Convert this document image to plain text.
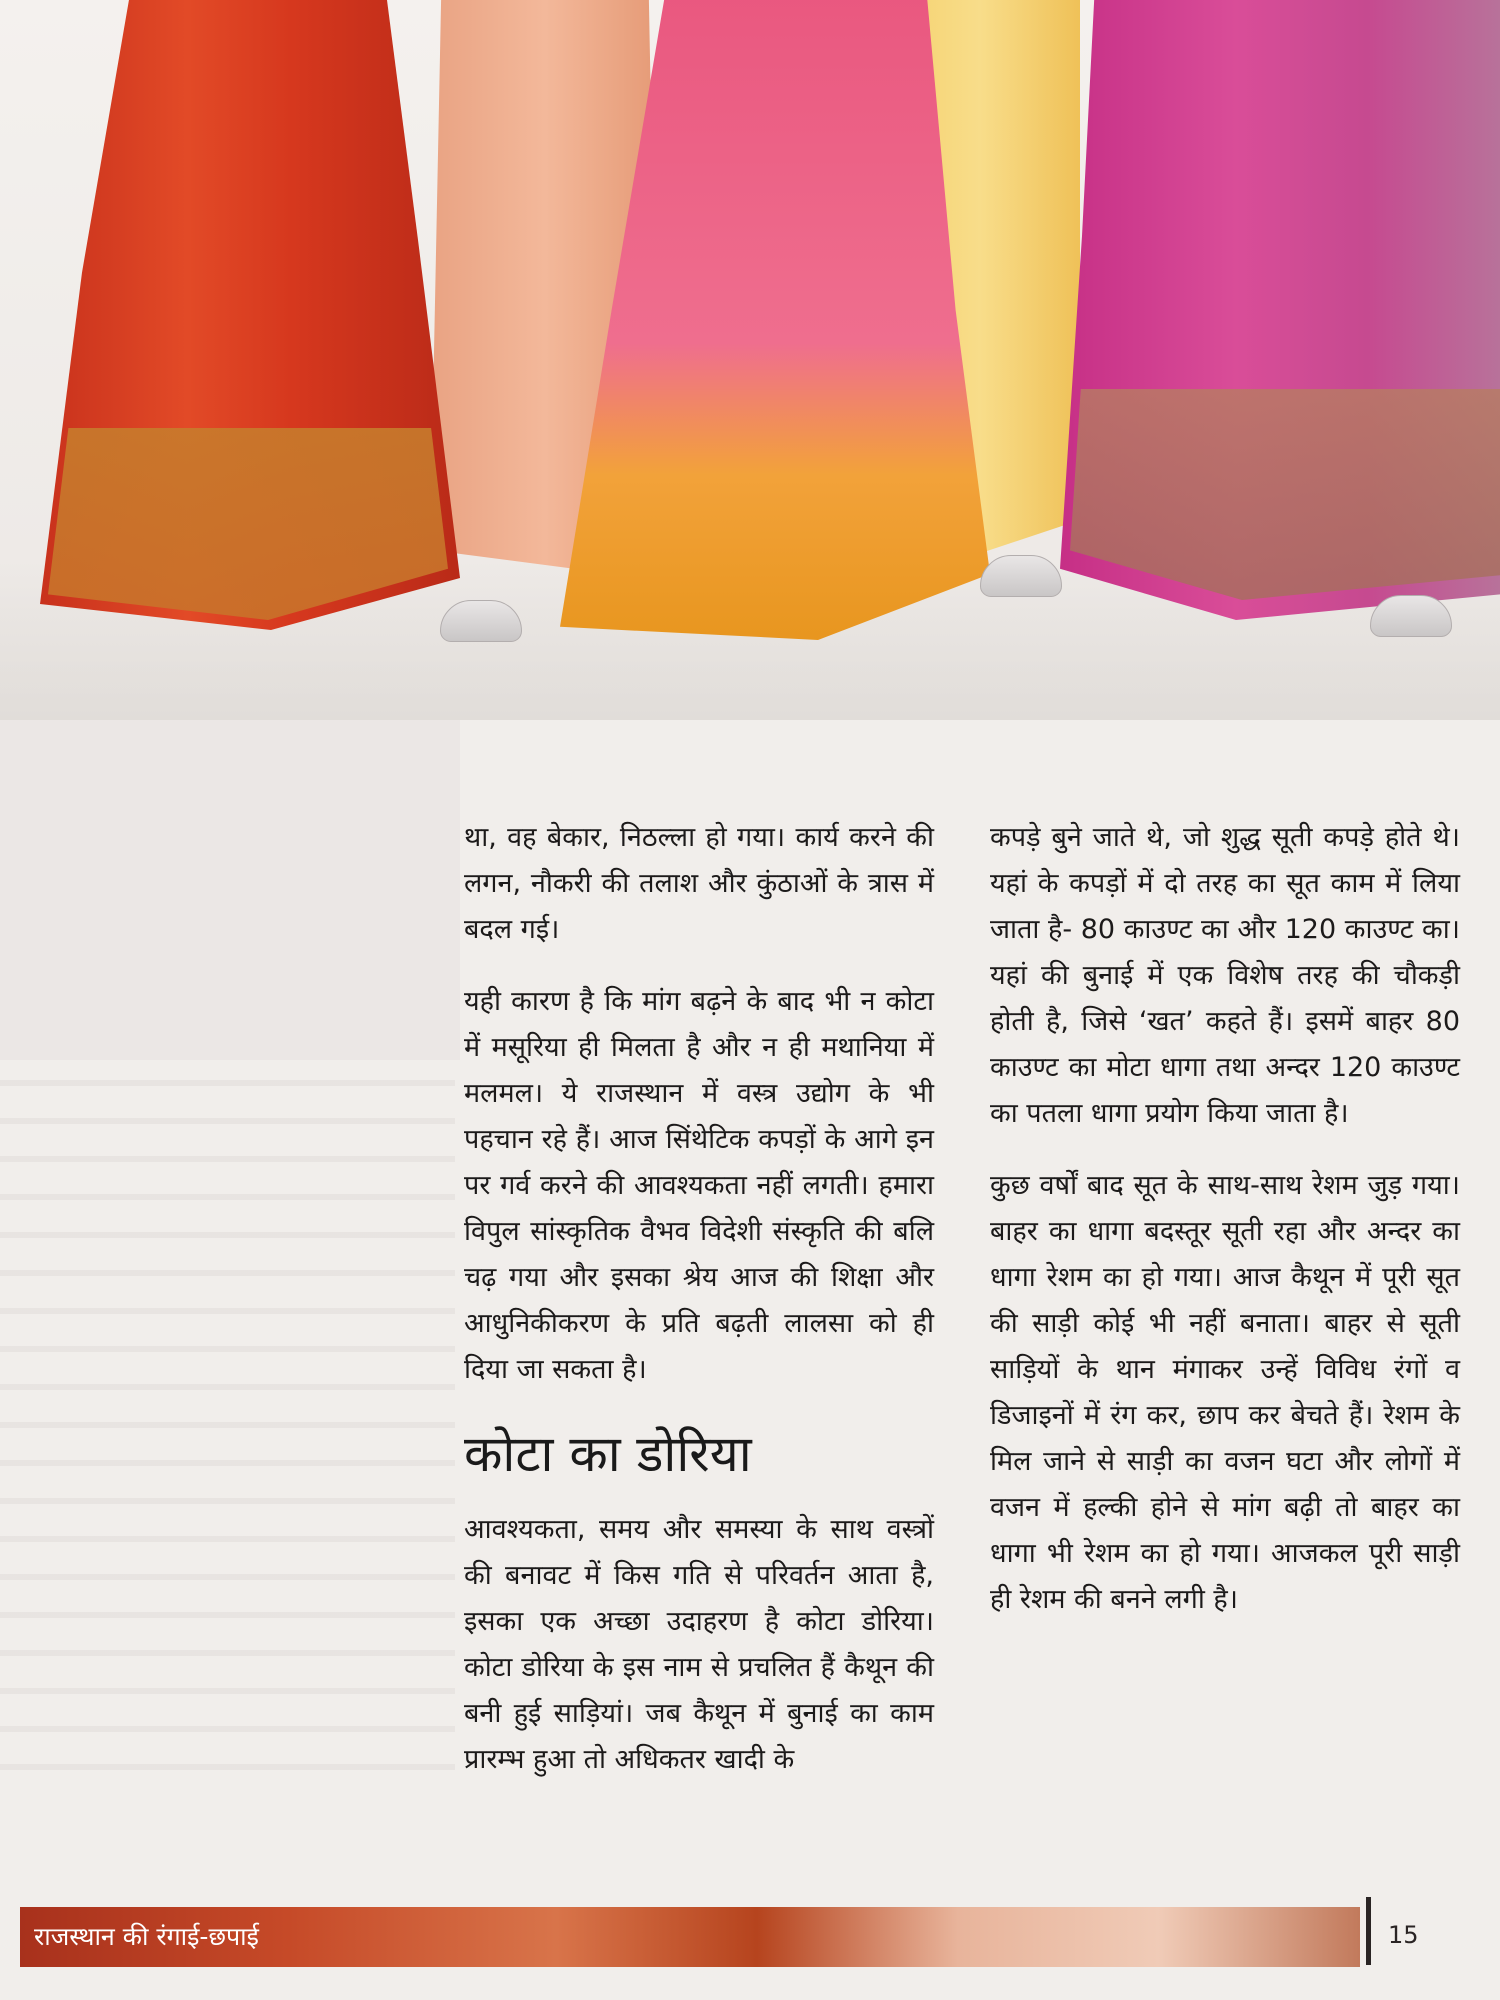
था, वह बेकार, निठल्ला हो गया। कार्य करने की लगन, नौकरी की तलाश और कुंठाओं के त्रास में बदल गई।

यही कारण है कि मांग बढ़ने के बाद भी न कोटा में मसूरिया ही मिलता है और न ही मथानिया में मलमल। ये राजस्थान में वस्त्र उद्योग के भी पहचान रहे हैं। आज सिंथेटिक कपड़ों के आगे इन पर गर्व करने की आवश्यकता नहीं लगती। हमारा विपुल सांस्कृतिक वैभव विदेशी संस्कृति की बलि चढ़ गया और इसका श्रेय आज की शिक्षा और आधुनिकीकरण के प्रति बढ़ती लालसा को ही दिया जा सकता है।

कोटा का डोरिया

आवश्यकता, समय और समस्या के साथ वस्त्रों की बनावट में किस गति से परिवर्तन आता है, इसका एक अच्छा उदाहरण है कोटा डोरिया। कोटा डोरिया के इस नाम से प्रचलित हैं कैथून की बनी हुई साड़ियां। जब कैथून में बुनाई का काम प्रारम्भ हुआ तो अधिकतर खादी के

कपड़े बुने जाते थे, जो शुद्ध सूती कपड़े होते थे। यहां के कपड़ों में दो तरह का सूत काम में लिया जाता है- 80 काउण्ट का और 120 काउण्ट का। यहां की बुनाई में एक विशेष तरह की चौकड़ी होती है, जिसे ‘खत’ कहते हैं। इसमें बाहर 80 काउण्ट का मोटा धागा तथा अन्दर 120 काउण्ट का पतला धागा प्रयोग किया जाता है।

कुछ वर्षों बाद सूत के साथ-साथ रेशम जुड़ गया। बाहर का धागा बदस्तूर सूती रहा और अन्दर का धागा रेशम का हो गया। आज कैथून में पूरी सूत की साड़ी कोई भी नहीं बनाता। बाहर से सूती साड़ियों के थान मंगाकर उन्हें विविध रंगों व डिजाइनों में रंग कर, छाप कर बेचते हैं। रेशम के मिल जाने से साड़ी का वजन घटा और लोगों में वजन में हल्की होने से मांग बढ़ी तो बाहर का धागा भी रेशम का हो गया। आजकल पूरी साड़ी ही रेशम की बनने लगी है।

राजस्थान की रंगाई-छपाई	15
